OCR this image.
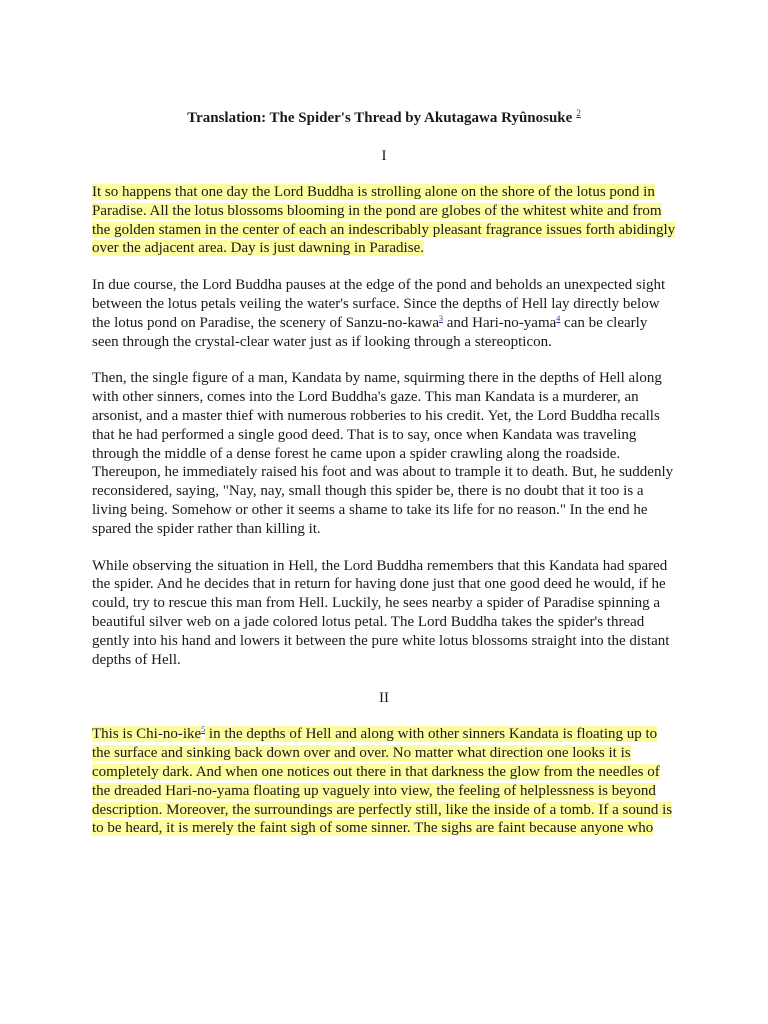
Translation: The Spider's Thread by Akutagawa Ryûnosuke $^2$
I

It so happens that one day the Lord Buddha is strolling alone on the shore of the lotus pond in Paradise. All the lotus blossoms blooming in the pond are globes of the whitest white and from the golden stamen in the center of each an indescribably pleasant fragrance issues forth abidingly over the adjacent area. Day is just dawning in Paradise.

In due course, the Lord Buddha pauses at the edge of the pond and beholds an unexpected sight between the lotus petals veiling the water's surface. Since the depths of Hell lay directly below the lotus pond on Paradise, the scenery of Sanzu-no-kawa$^3$ and Hari-no-yama$^4$ can be clearly seen through the crystal-clear water just as if looking through a stereopticon.

Then, the single figure of a man, Kandata by name, squirming there in the depths of Hell along with other sinners, comes into the Lord Buddha's gaze. This man Kandata is a murderer, an arsonist, and a master thief with numerous robberies to his credit. Yet, the Lord Buddha recalls that he had performed a single good deed. That is to say, once when Kandata was traveling through the middle of a dense forest he came upon a spider crawling along the roadside. Thereupon, he immediately raised his foot and was about to trample it to death. But, he suddenly reconsidered, saying, "Nay, nay, small though this spider be, there is no doubt that it too is a living being. Somehow or other it seems a shame to take its life for no reason." In the end he spared the spider rather than killing it.

While observing the situation in Hell, the Lord Buddha remembers that this Kandata had spared the spider. And he decides that in return for having done just that one good deed he would, if he could, try to rescue this man from Hell. Luckily, he sees nearby a spider of Paradise spinning a beautiful silver web on a jade colored lotus petal. The Lord Buddha takes the spider's thread gently into his hand and lowers it between the pure white lotus blossoms straight into the distant depths of Hell.

II

This is Chi-no-ike$^5$ in the depths of Hell and along with other sinners Kandata is floating up to the surface and sinking back down over and over. No matter what direction one looks it is completely dark. And when one notices out there in that darkness the glow from the needles of the dreaded Hari-no-yama floating up vaguely into view, the feeling of helplessness is beyond description. Moreover, the surroundings are perfectly still, like the inside of a tomb. If a sound is to be heard, it is merely the faint sigh of some sinner. The sighs are faint because anyone who
